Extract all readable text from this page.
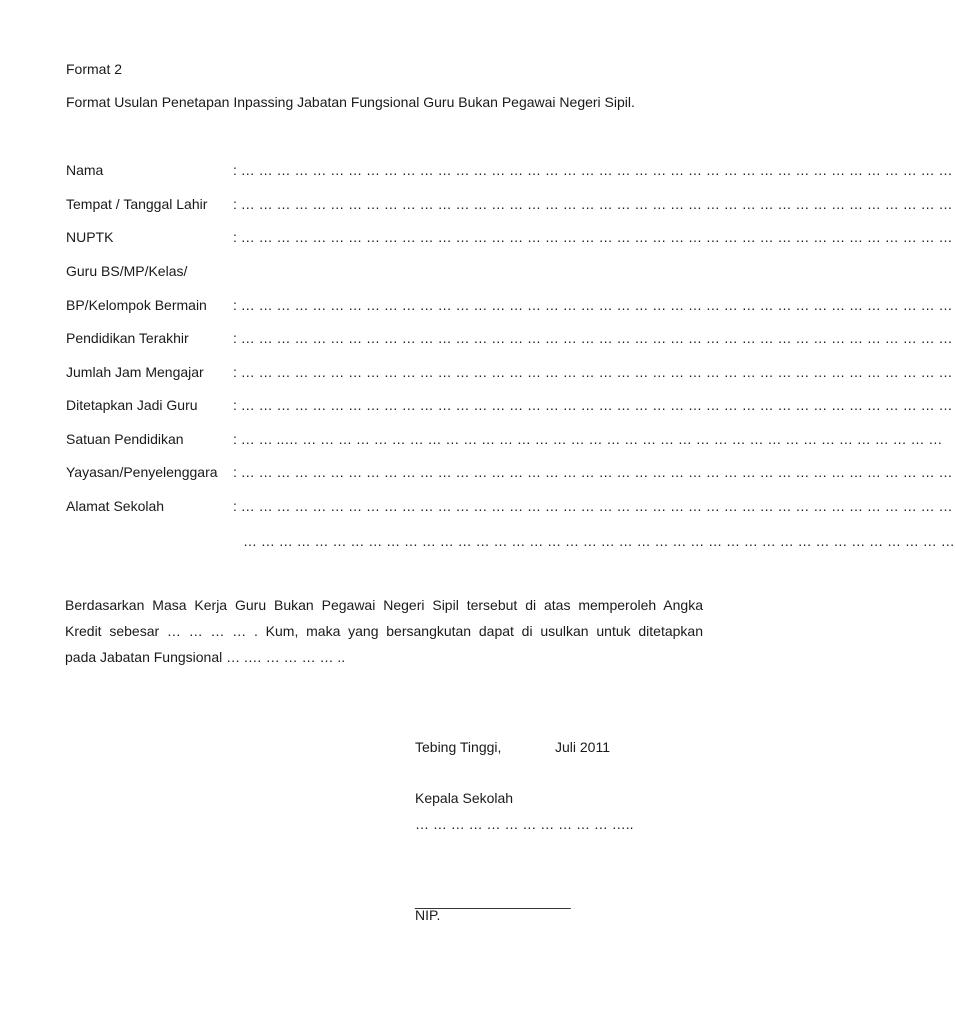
Format 2
Format Usulan Penetapan Inpassing Jabatan Fungsional Guru Bukan Pegawai Negeri Sipil.
Nama	: … … … … … … … … … … … … … … … … … … … … … … … … … … … … … … … … … … … … … … … …
Tempat / Tanggal Lahir : … … … … … … … … … … … … … … … … … … … … … … … … … … … … … … … … … … … … … … … …
NUPTK	: … … … … … … … … … … … … … … … … … … … … … … … … … … … … … … … … … … … … … … … …
Guru BS/MP/Kelas/
BP/Kelompok Bermain : … … … … … … … … … … … … … … … … … … … … … … … … … … … … … … … … … … … … … … … …
Pendidikan Terakhir	: … … … … … … … … … … … … … … … … … … … … … … … … … … … … … … … … … … … … … … … …
Jumlah Jam Mengajar : … … … … … … … … … … … … … … … … … … … … … … … … … … … … … … … … … … … … … … … …
Ditetapkan Jadi Guru	: … … … … … … … … … … … … … … … … … … … … … … … … … … … … … … … … … … … … … … … …
Satuan Pendidikan	: … … ..… … … … … … … … … … … … … … … … … … … … … … … … … … … … … … … … … … … … …
Yayasan/Penyelenggara : … … … … … … … … … … … … … … … … … … … … … … … … … … … … … … … … … … … … … … … …
Alamat Sekolah	: … … … … … … … … … … … … … … … … … … … … … … … … … … … … … … … … … … … … … … … …
… … … … … … … … … … … … … … … … … … … … … … … … … … … … … … … … … … … … … … … …
Berdasarkan Masa Kerja Guru Bukan Pegawai Negeri Sipil tersebut di atas memperoleh Angka
Kredit sebesar … … … … . Kum, maka yang bersangkutan dapat di usulkan untuk ditetapkan
pada Jabatan Fungsional … .… … … … … ..
Tebing Tinggi,	Juli 2011
Kepala Sekolah
… … … … … … … … … … … …..
____________________
NIP.
